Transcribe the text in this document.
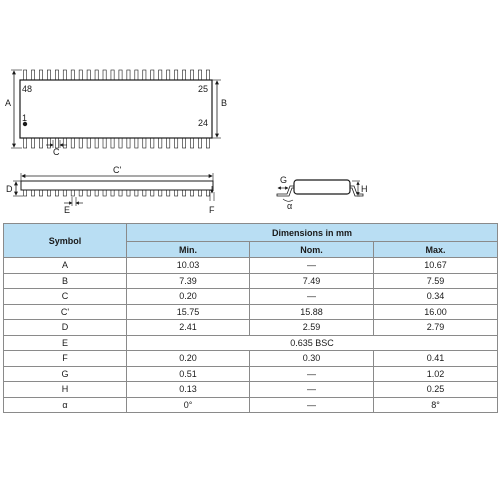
48	25
1	24
A	B
C
C'
D
E	F
G
H
α
Symbol	Dimensions in mm		
	Min.	Nom.	Max.
A	10.03	—	10.67
B	7.39	7.49	7.59
C	0.20	—	0.34
C'	15.75	15.88	16.00
D	2.41	2.59	2.79
E	0.635 BSC		
F	0.20	0.30	0.41
G	0.51	—	1.02
H	0.13	—	0.25
α	0°	—	8°
